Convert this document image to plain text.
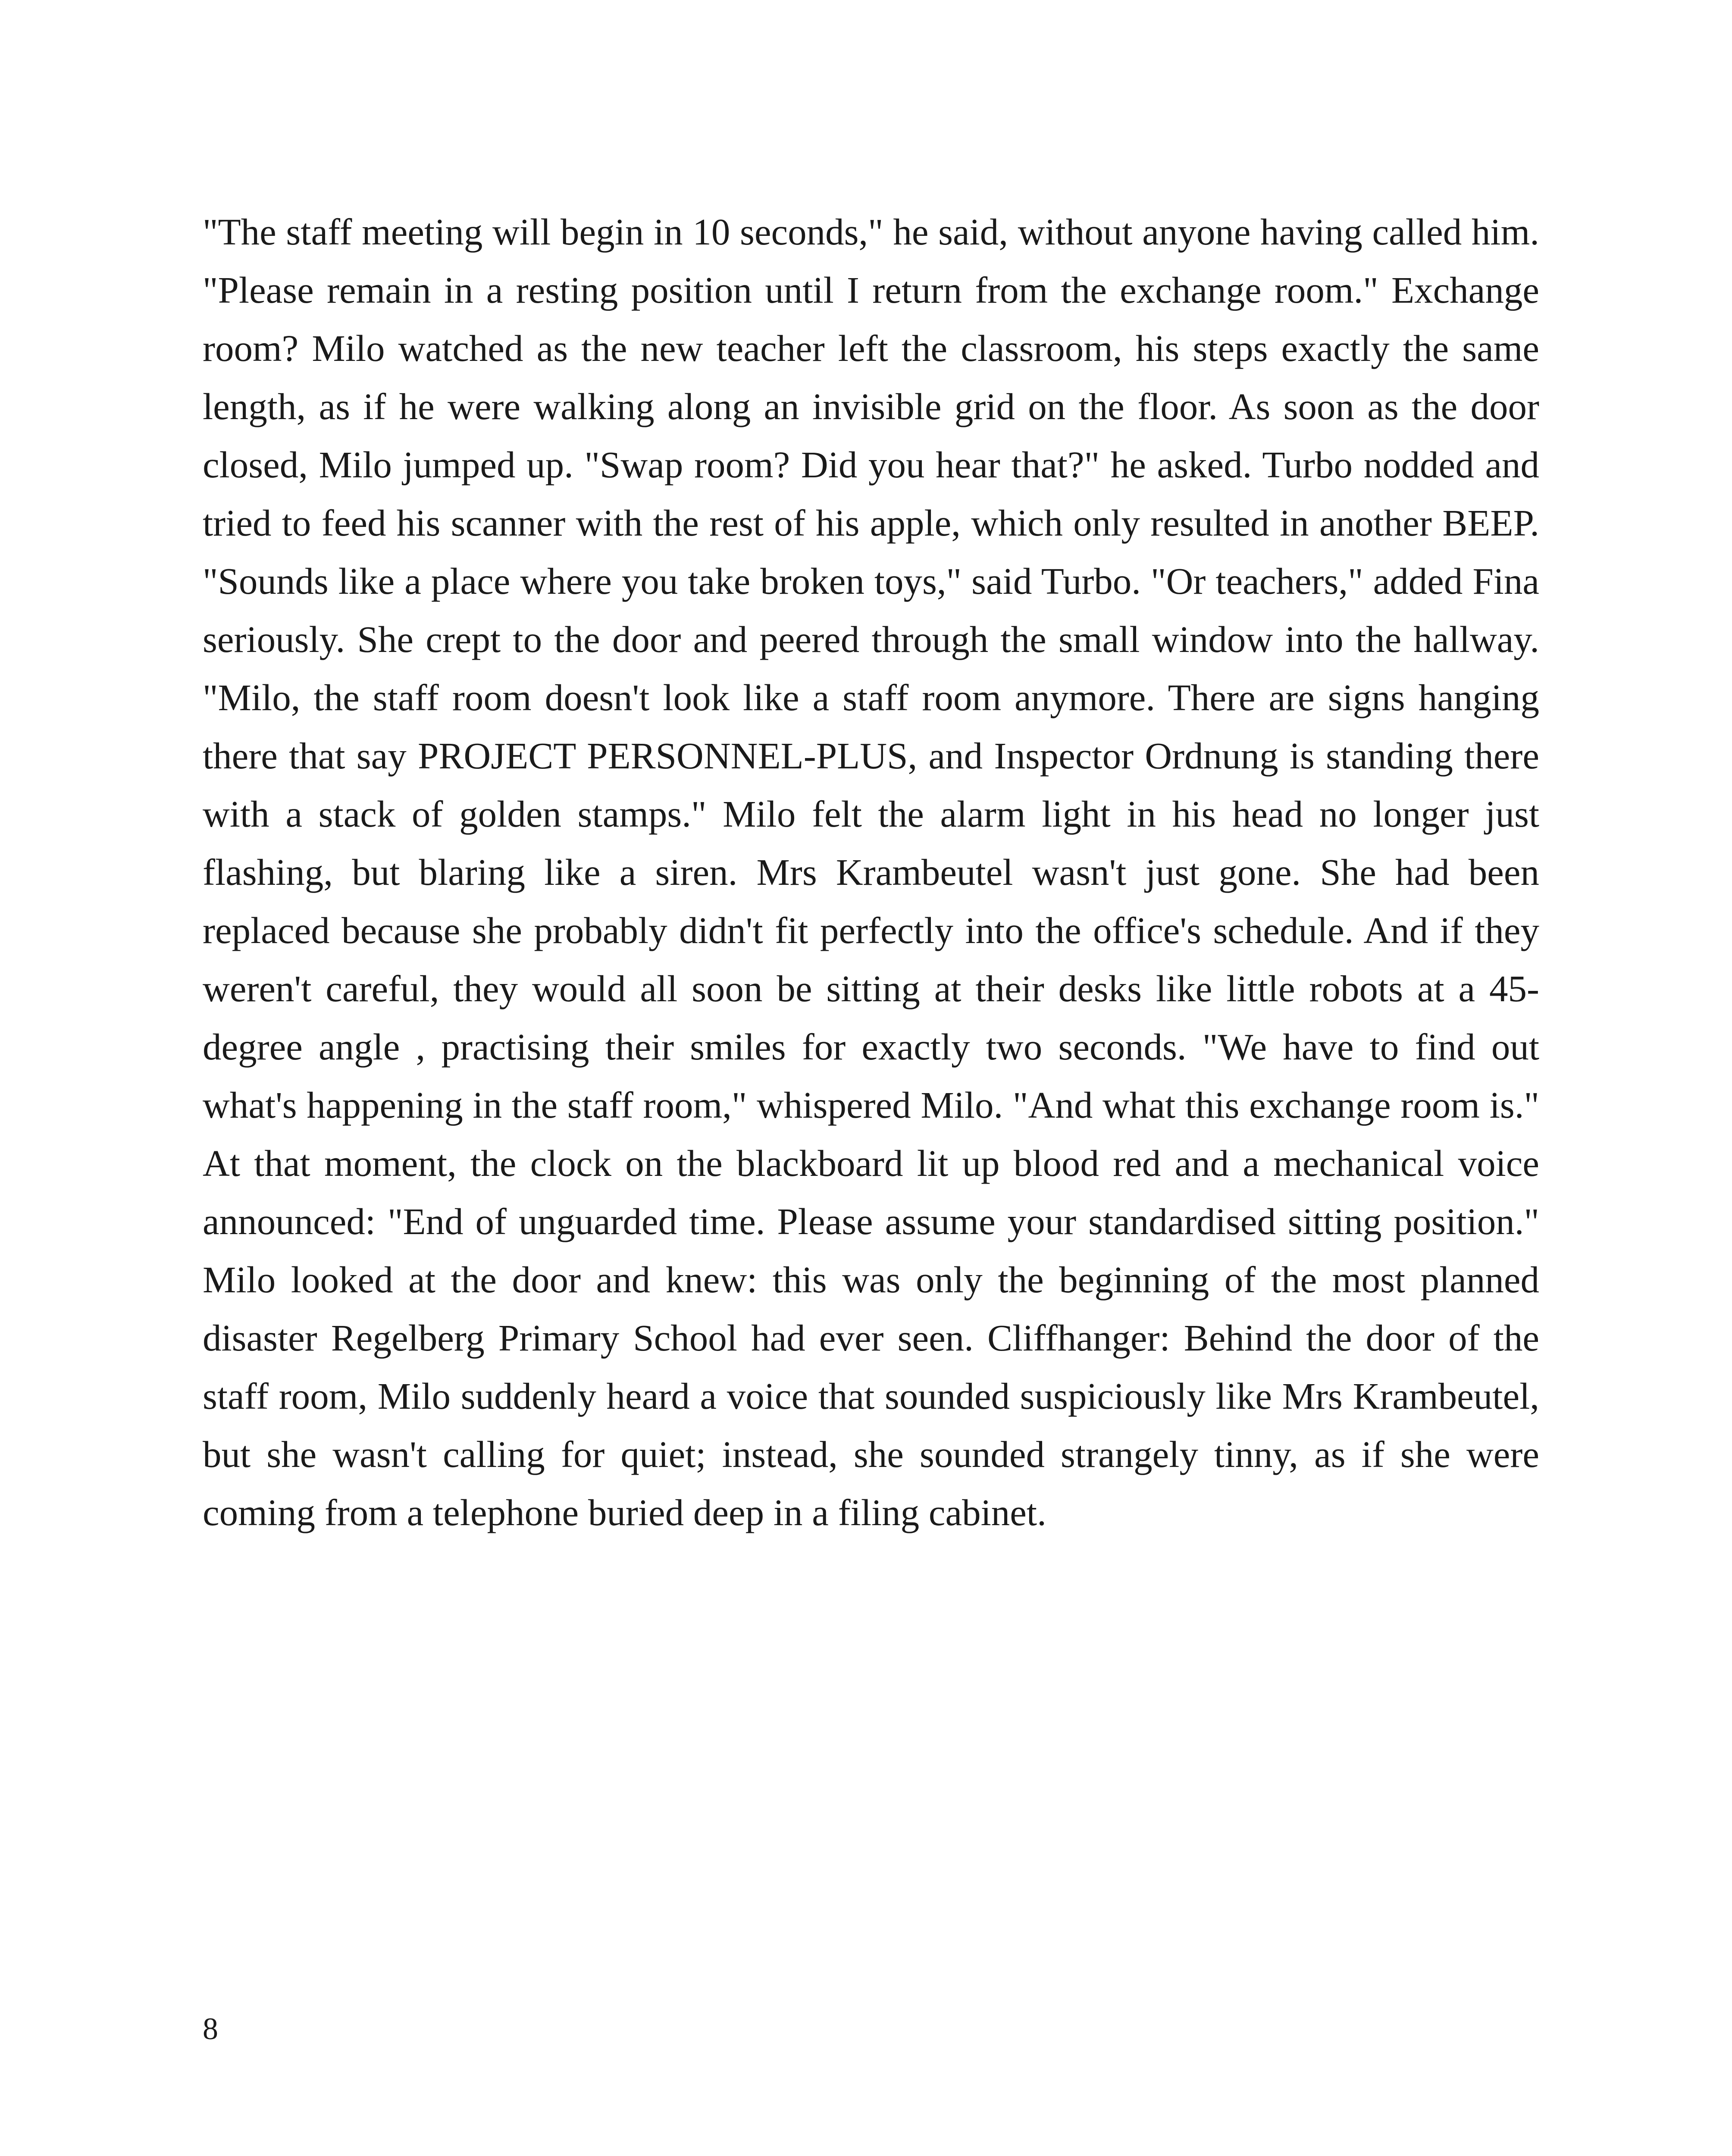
"The staff meeting will begin in 10 seconds," he said, without anyone having called him. "Please remain in a resting position until I return from the exchange room." Exchange room? Milo watched as the new teacher left the classroom, his steps exactly the same length, as if he were walking along an invisible grid on the floor. As soon as the door closed, Milo jumped up. "Swap room? Did you hear that?" he asked. Turbo nodded and tried to feed his scanner with the rest of his apple, which only resulted in another BEEP. "Sounds like a place where you take broken toys," said Turbo. "Or teachers," added Fina seriously. She crept to the door and peered through the small window into the hallway. "Milo, the staff room doesn't look like a staff room anymore. There are signs hanging there that say PROJECT PERSONNEL-PLUS, and Inspector Ordnung is standing there with a stack of golden stamps." Milo felt the alarm light in his head no longer just flashing, but blaring like a siren. Mrs Krambeutel wasn't just gone. She had been replaced because she probably didn't fit perfectly into the office's schedule. And if they weren't careful, they would all soon be sitting at their desks like little robots at a 45-degree angle , practising their smiles for exactly two seconds. "We have to find out what's happening in the staff room," whispered Milo. "And what this exchange room is." At that moment, the clock on the blackboard lit up blood red and a mechanical voice announced: "End of unguarded time. Please assume your standardised sitting position." Milo looked at the door and knew: this was only the beginning of the most planned disaster Regelberg Primary School had ever seen. Cliffhanger: Behind the door of the staff room, Milo suddenly heard a voice that sounded suspiciously like Mrs Krambeutel, but she wasn't calling for quiet; instead, she sounded strangely tinny, as if she were coming from a telephone buried deep in a filing cabinet.

8
